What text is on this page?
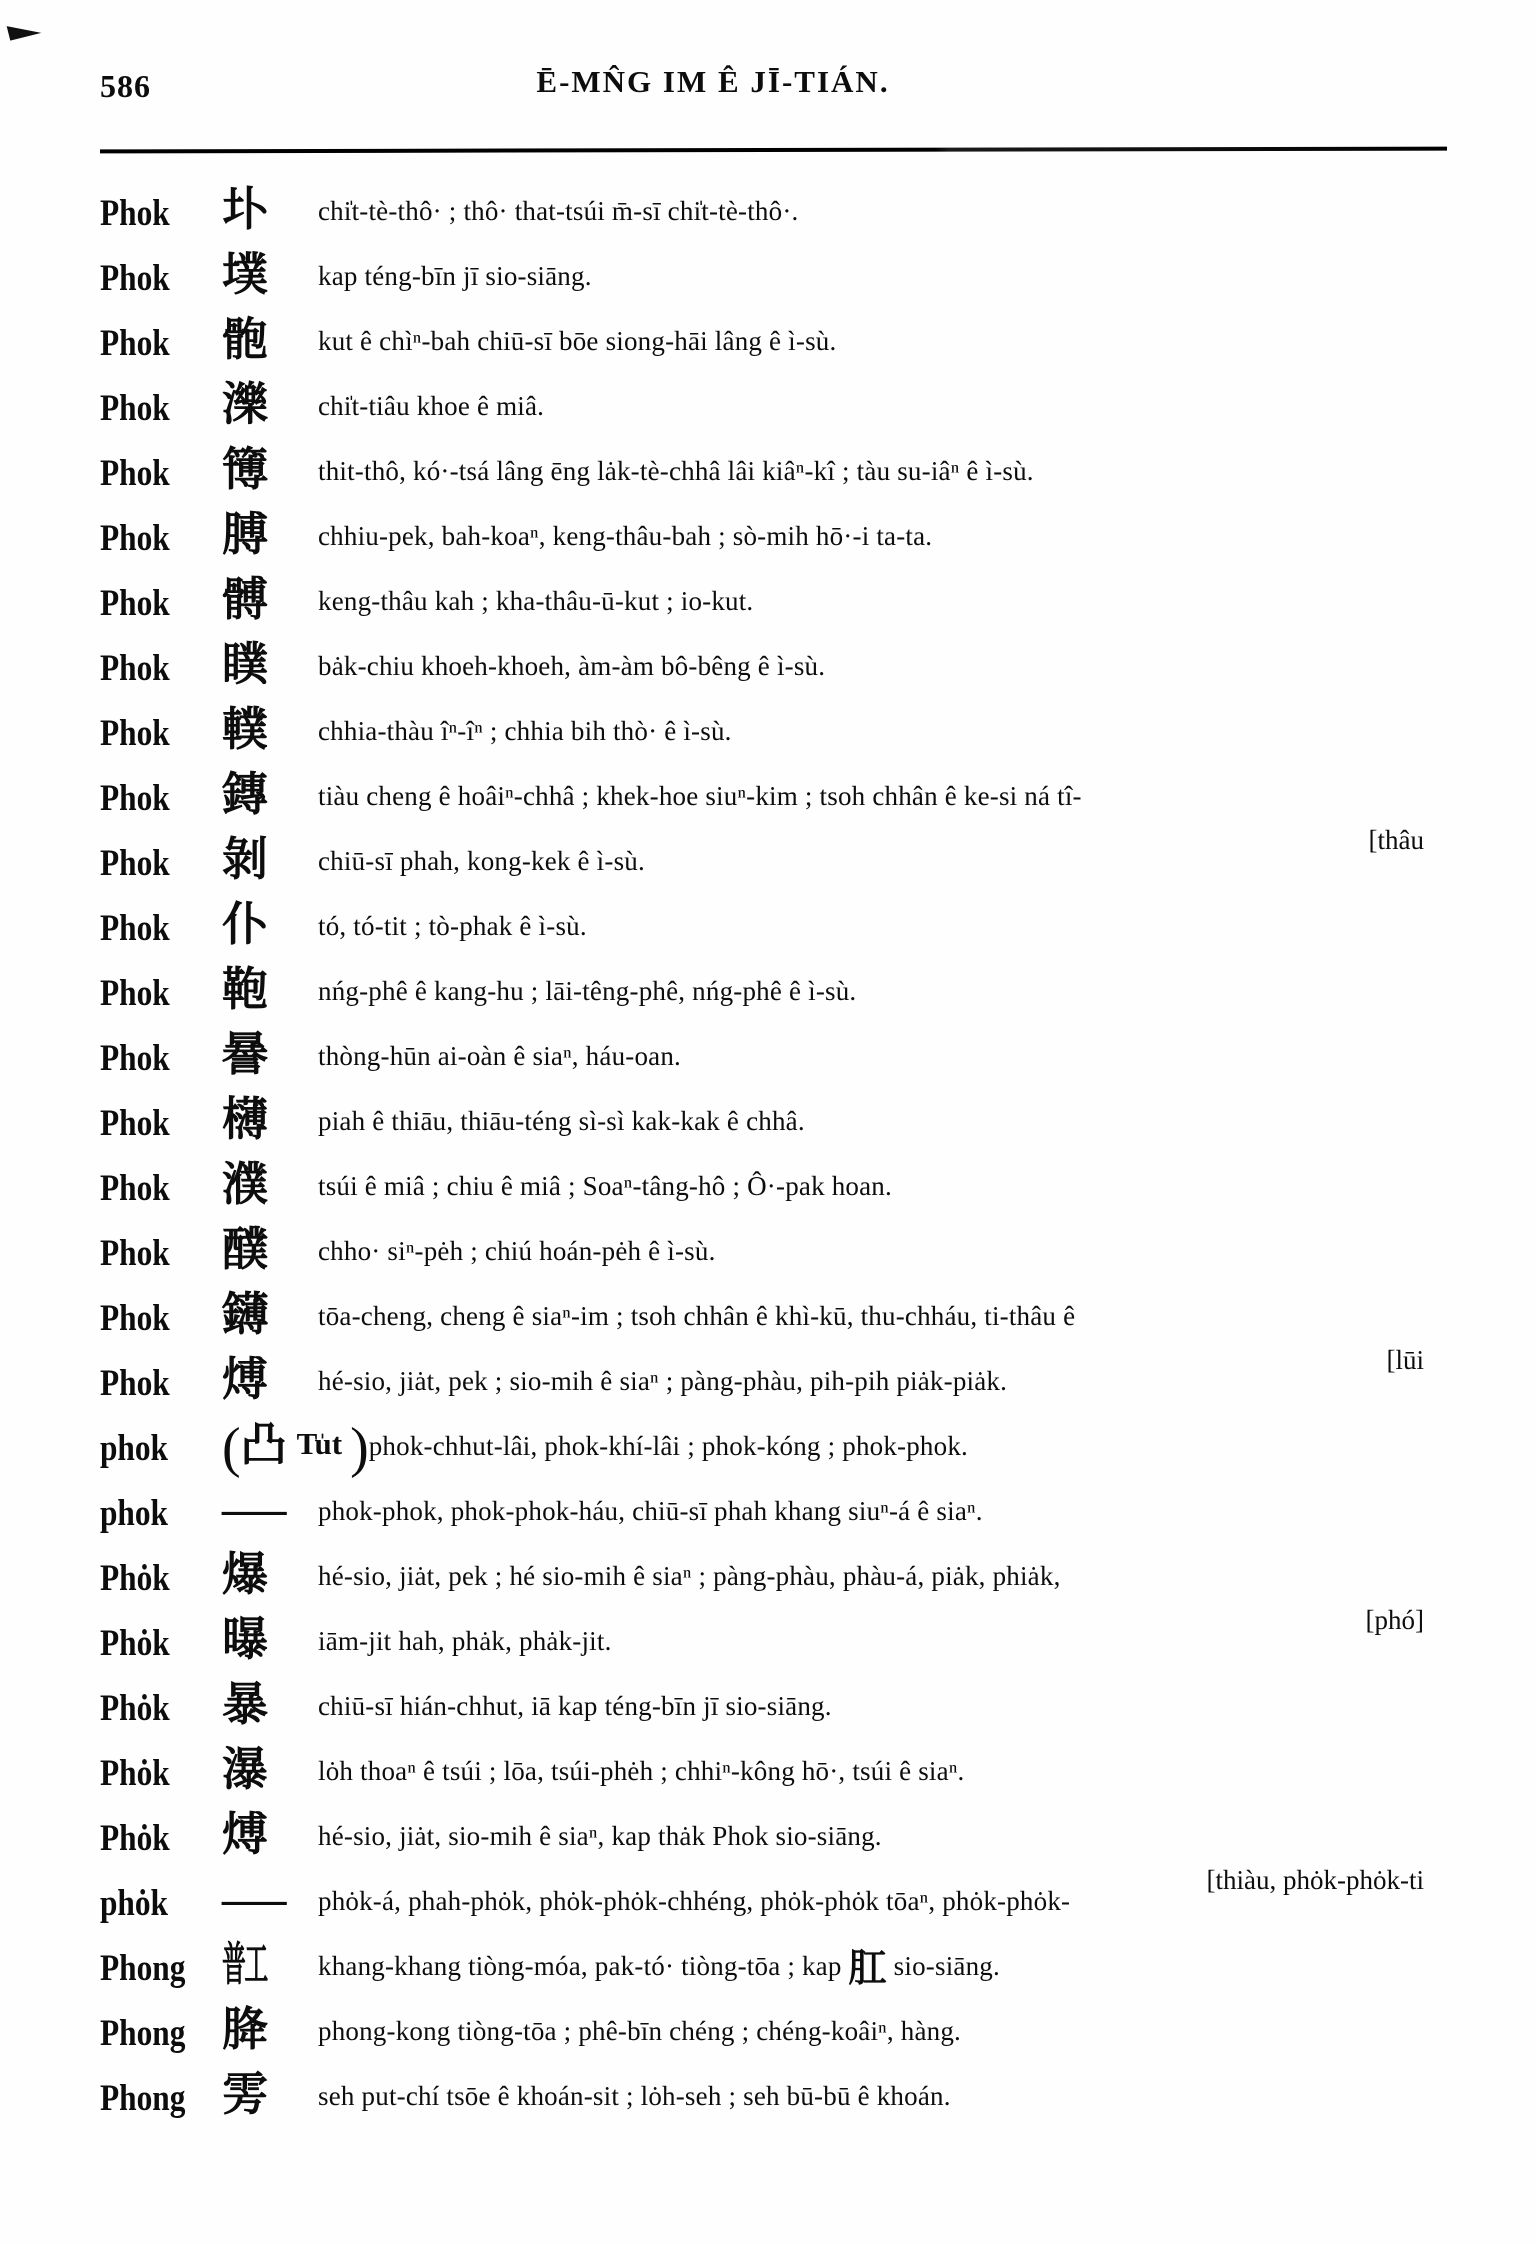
586	Ē-MN̂G IM Ê JĪ-TIÁN.
Phok	圤	chi̍t-tè-thô· ; thô· that-tsúi m̄-sī chi̍t-tè-thô·.
Phok	墣	kap téng-bīn jī sio-siāng.
Phok	骲	kut ê chìⁿ-bah chiū-sī bōe siong-hāi lâng ê ì-sù.
Phok	濼	chi̍t-tiâu khoe ê miâ.
Phok	簙	thit-thô, kó·-tsá lâng ēng lȧk-tè-chhâ lâi kiâⁿ-kî ; tàu su-iâⁿ ê ì-sù.
Phok	膊	chhiu-pek, bah-koaⁿ, keng-thâu-bah ; sò-mih hō·-i ta-ta.
Phok	髆	keng-thâu kah ; kha-thâu-ū-kut ; io-kut.
Phok	瞨	bȧk-chiu khoeh-khoeh, àm-àm bô-bêng ê ì-sù.
Phok	轐	chhia-thàu îⁿ-îⁿ ; chhia bih thò· ê ì-sù.
Phok	鏄	tiàu cheng ê hoâiⁿ-chhâ ; khek-hoe siuⁿ-kim ; tsoh chhân ê ke-si ná tî-
[thâu
Phok	剝	chiū-sī phah, kong-kek ê ì-sù.
Phok	仆	tó, tó-tit ; tò-phak ê ì-sù.
Phok	鞄	nńg-phê ê kang-hu ; lāi-têng-phê, nńg-phê ê ì-sù.
Phok	謈	thòng-hūn ai-oàn ê siaⁿ, háu-oan.
Phok	欂	piah ê thiāu, thiāu-téng sì-sì kak-kak ê chhâ.
Phok	濮	tsúi ê miâ ; chiu ê miâ ; Soaⁿ-tâng-hô ; Ô·-pak hoan.
Phok	醭	chho· siⁿ-pėh ; chiú hoán-pėh ê ì-sù.
Phok	鑮	tōa-cheng, cheng ê siaⁿ-im ; tsoh chhân ê khì-kū, thu-chháu, ti-thâu ê
[lūi
Phok	煿	hé-sio, jiȧt, pek ; sio-mih ê siaⁿ ; pàng-phàu, pih-pih piȧk-piȧk.
phok (凸 Tu̍t ) phok-chhut-lâi, phok-khí-lâi ; phok-kóng ; phok-phok.
phok	—	phok-phok, phok-phok-háu, chiū-sī phah khang siuⁿ-á ê siaⁿ.
Phȯk	爆	hé-sio, jiȧt, pek ; hé sio-mih ê siaⁿ ; pàng-phàu, phàu-á, piȧk, phiȧk,
[phó]
Phȯk	曝	iām-jit hah, phȧk, phȧk-jit.
Phȯk	暴	chiū-sī hián-chhut, iā kap téng-bīn jī sio-siāng.
Phȯk	瀑	lȯh thoaⁿ ê tsúi ; lōa, tsúi-phėh ; chhiⁿ-kông hō·, tsúi ê siaⁿ.
Phȯk	煿	hé-sio, jiȧt, sio-mih ê siaⁿ, kap thȧk Phok sio-siāng.
[thiàu, phȯk-phȯk-ti
phȯk	—	phȯk-á, phah-phȯk, phȯk-phȯk-chhéng, phȯk-phȯk tōaⁿ, phȯk-phȯk-
Phong 普工	khang-khang tiòng-móa, pak-tó· tiòng-tōa ; kap 肛 sio-siāng.
Phong 胮	phong-kong tiòng-tōa ; phê-bīn chéng ; chéng-koâiⁿ, hàng.
Phong 雱	seh put-chí tsōe ê khoán-sit ; lȯh-seh ; seh bū-bū ê khoán.
